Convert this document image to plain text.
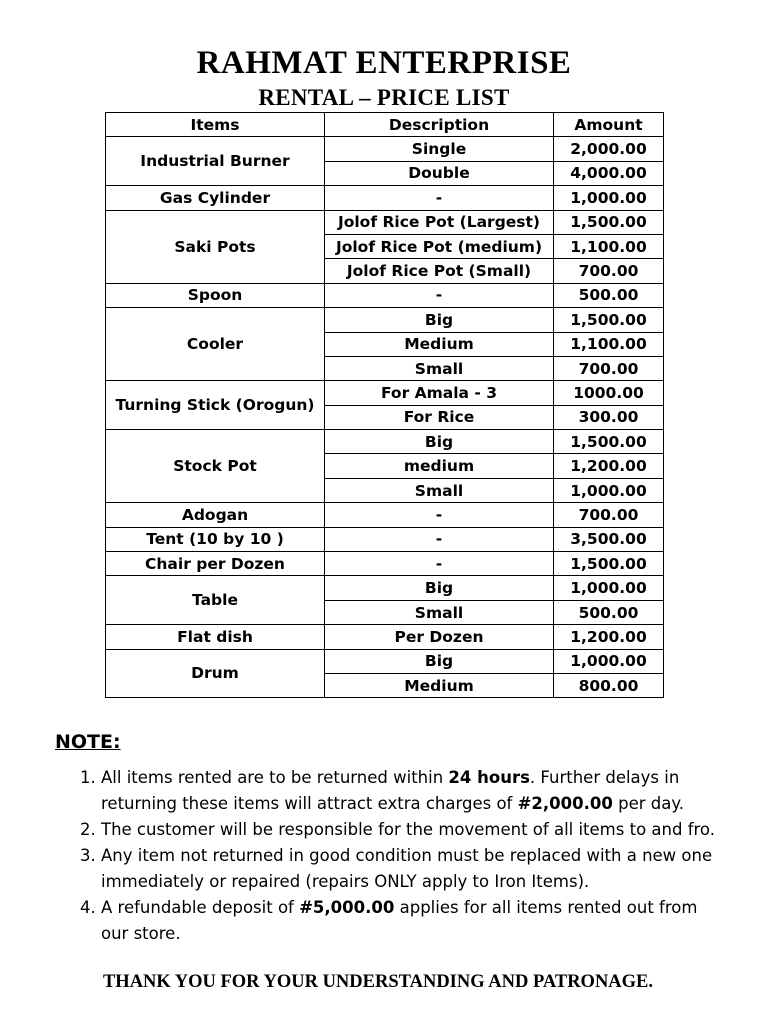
RAHMAT ENTERPRISE
RENTAL – PRICE LIST
Items	Description	Amount
Industrial Burner	Single	2,000.00
	Double	4,000.00
Gas Cylinder	-	1,000.00
Saki Pots	Jolof Rice Pot (Largest)	1,500.00
	Jolof Rice Pot (medium)	1,100.00
	Jolof Rice Pot (Small)	700.00
Spoon	-	500.00
Cooler	Big	1,500.00
	Medium	1,100.00
	Small	700.00
Turning Stick (Orogun)	For Amala - 3	1000.00
	For Rice	300.00
Stock Pot	Big	1,500.00
	medium	1,200.00
	Small	1,000.00
Adogan	-	700.00
Tent (10 by 10 )	-	3,500.00
Chair per Dozen	-	1,500.00
Table	Big	1,000.00
	Small	500.00
Flat dish	Per Dozen	1,200.00
Drum	Big	1,000.00
	Medium	800.00
NOTE:
1. All items rented are to be returned within 24 hours. Further delays in returning these items will attract extra charges of #2,000.00 per day.
2. The customer will be responsible for the movement of all items to and fro.
3. Any item not returned in good condition must be replaced with a new one immediately or repaired (repairs ONLY apply to Iron Items).
4. A refundable deposit of #5,000.00 applies for all items rented out from our store.
THANK YOU FOR YOUR UNDERSTANDING AND PATRONAGE.
